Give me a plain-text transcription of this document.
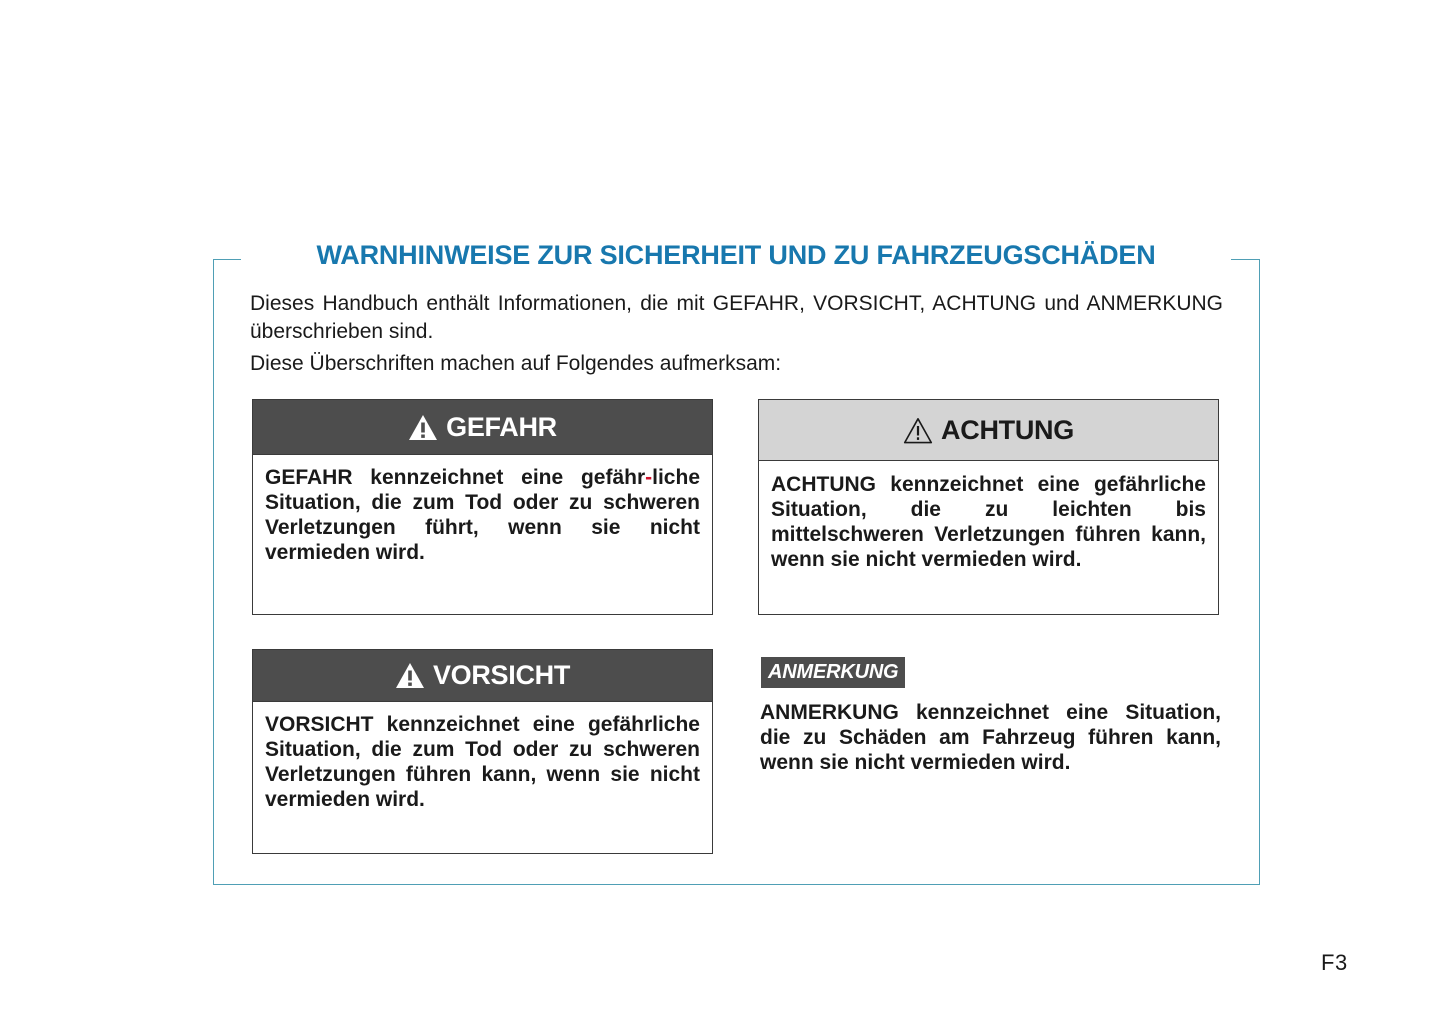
WARNHINWEISE ZUR SICHERHEIT UND ZU FAHRZEUGSCHÄDEN

Dieses Handbuch enthält Informationen, die mit GEFAHR, VORSICHT, ACHTUNG und ANMERKUNG überschrieben sind.

Diese Überschriften machen auf Folgendes aufmerksam:

GEFAHR
GEFAHR kennzeichnet eine gefähr-liche Situation, die zum Tod oder zu schweren Verletzungen führt, wenn sie nicht vermieden wird.
ACHTUNG
ACHTUNG kennzeichnet eine gefährliche Situation, die zu leichten bis mittelschweren Verletzungen führen kann, wenn sie nicht vermieden wird.
VORSICHT
VORSICHT kennzeichnet eine gefährliche Situation, die zum Tod oder zu schweren Verletzungen führen kann, wenn sie nicht vermieden wird.
ANMERKUNG
ANMERKUNG kennzeichnet eine Situation, die zu Schäden am Fahrzeug führen kann, wenn sie nicht vermieden wird.
F3
